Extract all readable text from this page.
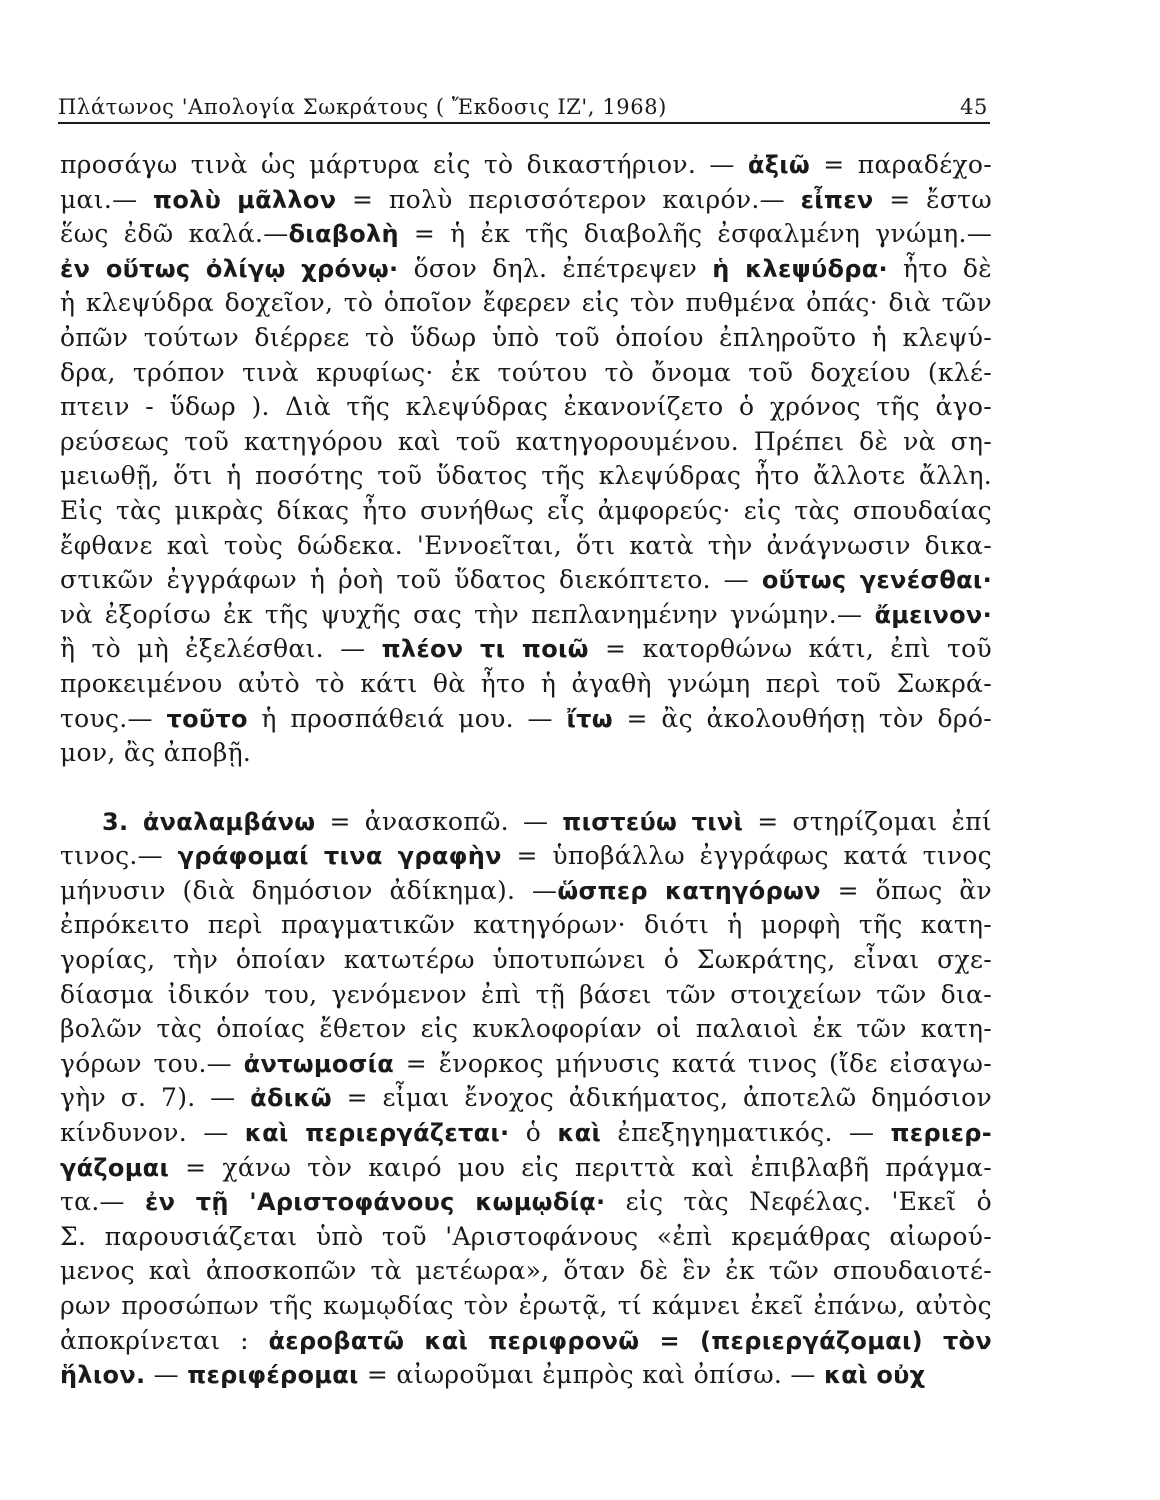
Πλάτωνος 'Απολογία Σωκράτους ( Ἔκδοσις ΙΖ', 1968)	45
προσάγω τινὰ ὡς μάρτυρα εἰς τὸ δικαστήριον. — ἀξιῶ = παραδέχο-
μαι.— πολὺ μᾶλλον = πολὺ περισσότερον καιρόν.— εἶπεν = ἔστω
ἕως ἐδῶ καλά.—διαβολὴ = ἡ ἐκ τῆς διαβολῆς ἐσφαλμένη γνώμη.—
ἐν οὕτως ὀλίγῳ χρόνῳ· ὅσον δηλ. ἐπέτρεψεν ἡ κλεψύδρα· ἦτο δὲ
ἡ κλεψύδρα δοχεῖον, τὸ ὁποῖον ἔφερεν εἰς τὸν πυθμένα ὀπάς· διὰ τῶν
ὀπῶν τούτων διέρρεε τὸ ὕδωρ ὑπὸ τοῦ ὁποίου ἐπληροῦτο ἡ κλεψύ-
δρα, τρόπον τινὰ κρυφίως· ἐκ τούτου τὸ ὄνομα τοῦ δοχείου (κλέ-
πτειν - ὕδωρ ). Διὰ τῆς κλεψύδρας ἐκανονίζετο ὁ χρόνος τῆς ἀγο-
ρεύσεως τοῦ κατηγόρου καὶ τοῦ κατηγορουμένου. Πρέπει δὲ νὰ ση-
μειωθῇ, ὅτι ἡ ποσότης τοῦ ὕδατος τῆς κλεψύδρας ἦτο ἄλλοτε ἄλλη.
Εἰς τὰς μικρὰς δίκας ἦτο συνήθως εἷς ἀμφορεύς· εἰς τὰς σπουδαίας
ἔφθανε καὶ τοὺς δώδεκα. 'Εννοεῖται, ὅτι κατὰ τὴν ἀνάγνωσιν δικα-
στικῶν ἐγγράφων ἡ ῥοὴ τοῦ ὕδατος διεκόπτετο. — οὕτως γενέσθαι·
νὰ ἐξορίσω ἐκ τῆς ψυχῆς σας τὴν πεπλανημένην γνώμην.— ἄμεινον·
ἢ τὸ μὴ ἐξελέσθαι. — πλέον τι ποιῶ = κατορθώνω κάτι, ἐπὶ τοῦ
προκειμένου αὐτὸ τὸ κάτι θὰ ἦτο ἡ ἀγαθὴ γνώμη περὶ τοῦ Σωκρά-
τους.— τοῦτο ἡ προσπάθειά μου. — ἴτω = ἂς ἀκολουθήσῃ τὸν δρό-
μον, ἂς ἀποβῇ.
3. ἀναλαμβάνω = ἀνασκοπῶ. — πιστεύω τινὶ = στηρίζομαι ἐπί
τινος.— γράφομαί τινα γραφὴν = ὑποβάλλω ἐγγράφως κατά τινος
μήνυσιν (διὰ δημόσιον ἀδίκημα). —ὥσπερ κατηγόρων = ὅπως ἂν
ἐπρόκειτο περὶ πραγματικῶν κατηγόρων· διότι ἡ μορφὴ τῆς κατη-
γορίας, τὴν ὁποίαν κατωτέρω ὑποτυπώνει ὁ Σωκράτης, εἶναι σχε-
δίασμα ἰδικόν του, γενόμενον ἐπὶ τῇ βάσει τῶν στοιχείων τῶν δια-
βολῶν τὰς ὁποίας ἔθετον εἰς κυκλοφορίαν οἱ παλαιοὶ ἐκ τῶν κατη-
γόρων του.— ἀντωμοσία = ἔνορκος μήνυσις κατά τινος (ἴδε εἰσαγω-
γὴν σ. 7). — ἀδικῶ = εἶμαι ἔνοχος ἀδικήματος, ἀποτελῶ δημόσιον
κίνδυνον. — καὶ περιεργάζεται· ὁ καὶ ἐπεξηγηματικός. — περιερ-
γάζομαι = χάνω τὸν καιρό μου εἰς περιττὰ καὶ ἐπιβλαβῆ πράγμα-
τα.— ἐν τῇ 'Αριστοφάνους κωμῳδίᾳ· εἰς τὰς Νεφέλας. 'Εκεῖ ὁ
Σ. παρουσιάζεται ὑπὸ τοῦ 'Αριστοφάνους «ἐπὶ κρεμάθρας αἰωρού-
μενος καὶ ἀποσκοπῶν τὰ μετέωρα», ὅταν δὲ ἓν ἐκ τῶν σπουδαιοτέ-
ρων προσώπων τῆς κωμῳδίας τὸν ἐρωτᾷ, τί κάμνει ἐκεῖ ἐπάνω, αὐτὸς
ἀποκρίνεται : ἀεροβατῶ καὶ περιφρονῶ = (περιεργάζομαι) τὸν
ἥλιον. — περιφέρομαι = αἰωροῦμαι ἐμπρὸς καὶ ὀπίσω. — καὶ οὐχ
